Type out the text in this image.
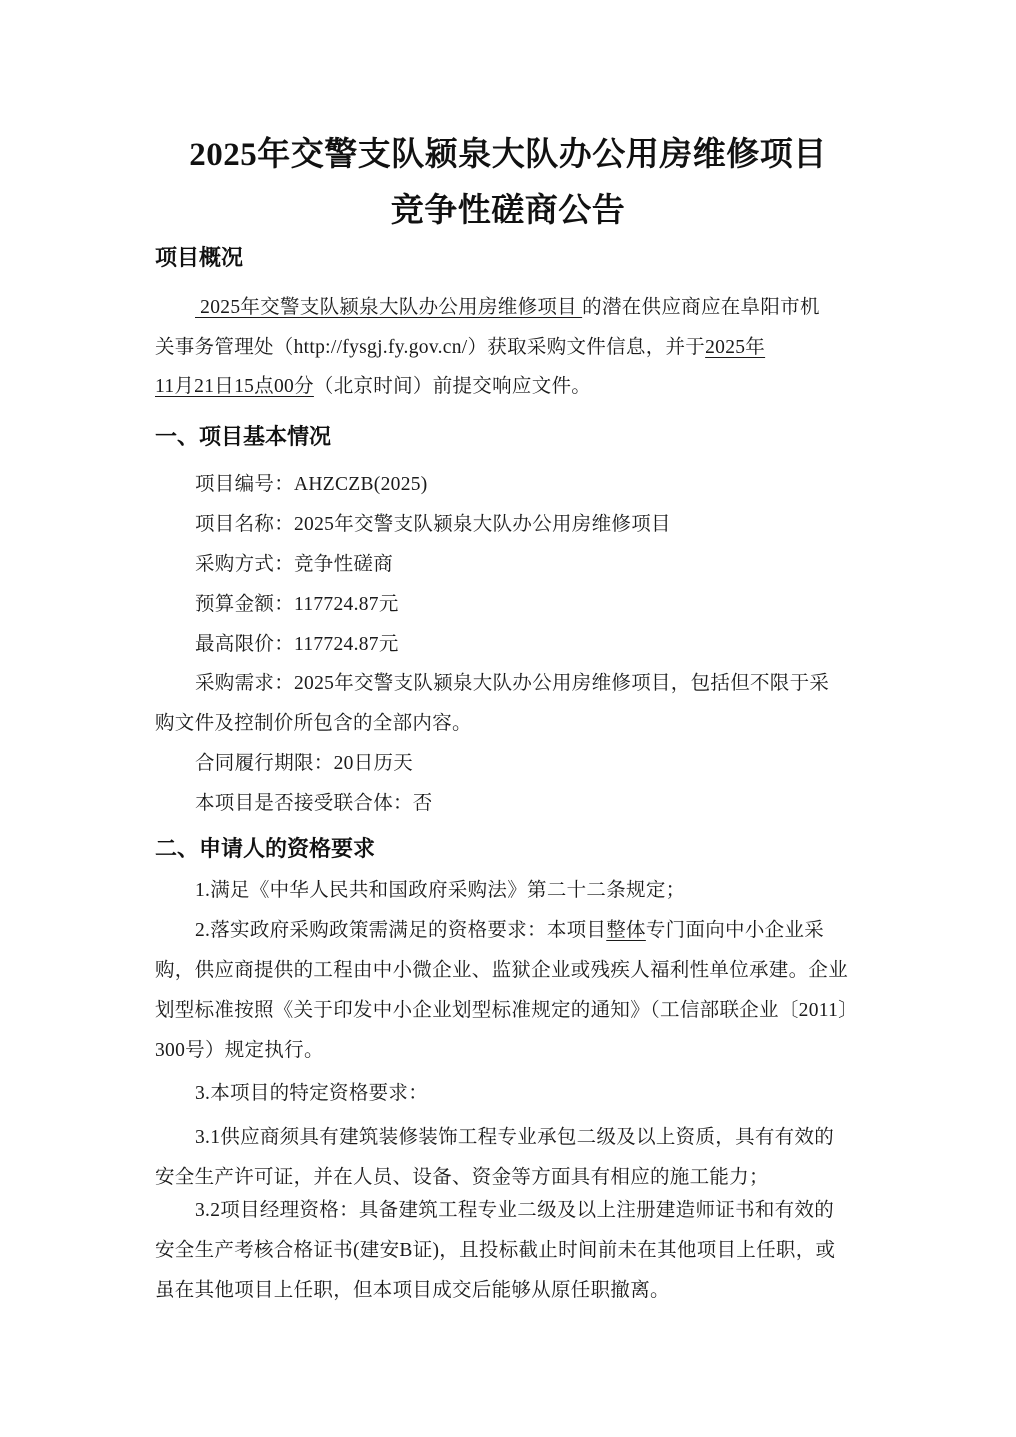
2025年交警支队颍泉大队办公用房维修项目
竞争性磋商公告
项目概况
2025年交警支队颍泉大队办公用房维修项目 的潜在供应商应在阜阳市机
关事务管理处（http://fysgj.fy.gov.cn/）获取采购文件信息，并于2025年
11月21日15点00分（北京时间）前提交响应文件。
一、项目基本情况
项目编号：AHZCZB(2025)
项目名称：2025年交警支队颍泉大队办公用房维修项目
采购方式：竞争性磋商
预算金额：117724.87元
最高限价：117724.87元
采购需求：2025年交警支队颍泉大队办公用房维修项目，包括但不限于采
购文件及控制价所包含的全部内容。
合同履行期限：20日历天
本项目是否接受联合体：否
二、申请人的资格要求
1.满足《中华人民共和国政府采购法》第二十二条规定；
2.落实政府采购政策需满足的资格要求：本项目整体专门面向中小企业采
购，供应商提供的工程由中小微企业、监狱企业或残疾人福利性单位承建。企业
划型标准按照《关于印发中小企业划型标准规定的通知》（工信部联企业〔2011〕
300号）规定执行。
3.本项目的特定资格要求：
3.1供应商须具有建筑装修装饰工程专业承包二级及以上资质，具有有效的
安全生产许可证，并在人员、设备、资金等方面具有相应的施工能力；
3.2项目经理资格：具备建筑工程专业二级及以上注册建造师证书和有效的
安全生产考核合格证书(建安B证)，且投标截止时间前未在其他项目上任职，或
虽在其他项目上任职，但本项目成交后能够从原任职撤离。
